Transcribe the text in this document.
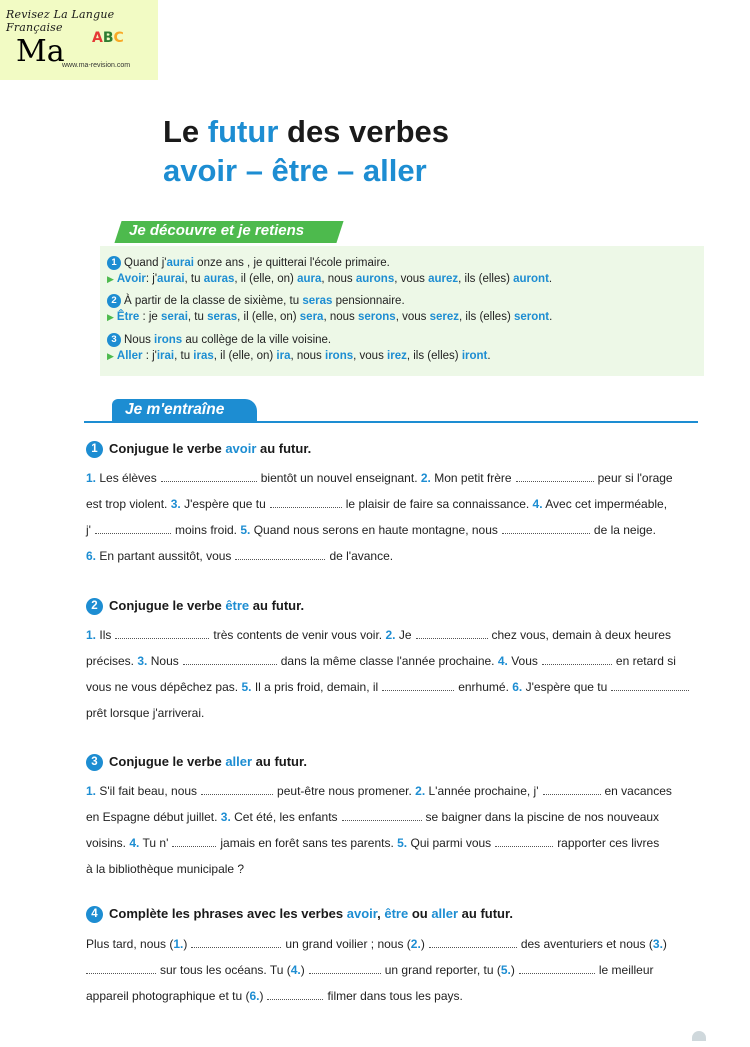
Revisez La Langue Française
Ma ABC
www.ma-revision.com
Le futur des verbes
avoir – être – aller
Je découvre et je retiens
1 Quand j'aurai onze ans , je quitterai l'école primaire.
▶ Avoir: j'aurai, tu auras, il (elle, on) aura, nous aurons, vous aurez, ils (elles) auront.
2 À partir de la classe de sixième, tu seras pensionnaire.
▶ Être : je serai, tu seras, il (elle, on) sera, nous serons, vous serez, ils (elles) seront.
3 Nous irons au collège de la ville voisine.
▶ Aller : j'irai, tu iras, il (elle, on) ira, nous irons, vous irez, ils (elles) iront.
Je m'entraîne
1 Conjugue le verbe avoir au futur.
1. Les élèves	bientôt un nouvel enseignant. 2. Mon petit frère	peur si l'orage
est trop violent. 3. J'espère que tu	le plaisir de faire sa connaissance. 4. Avec cet imperméable,
j'	moins froid. 5. Quand nous serons en haute montagne, nous	de la neige.
6. En partant aussitôt, vous	de l'avance.
2 Conjugue le verbe être au futur.
1. Ils	très contents de venir vous voir. 2. Je	chez vous, demain à deux heures
précises. 3. Nous	dans la même classe l'année prochaine. 4. Vous	en retard si
vous ne vous dépêchez pas. 5. Il a pris froid, demain, il	enrhumé. 6. J'espère que tu
prêt lorsque j'arriverai.
3 Conjugue le verbe aller au futur.
1. S'il fait beau, nous	peut-être nous promener. 2. L'année prochaine, j'	en vacances
en Espagne début juillet. 3. Cet été, les enfants	se baigner dans la piscine de nos nouveaux
voisins. 4. Tu n'	jamais en forêt sans tes parents. 5. Qui parmi vous	rapporter ces livres
à la bibliothèque municipale ?
4 Complète les phrases avec les verbes avoir, être ou aller au futur.
Plus tard, nous (1.)	un grand voilier ; nous (2.)	des aventuriers et nous (3.)
sur tous les océans. Tu (4.)	un grand reporter, tu (5.)	le meilleur
appareil photographique et tu (6.)	filmer dans tous les pays.
